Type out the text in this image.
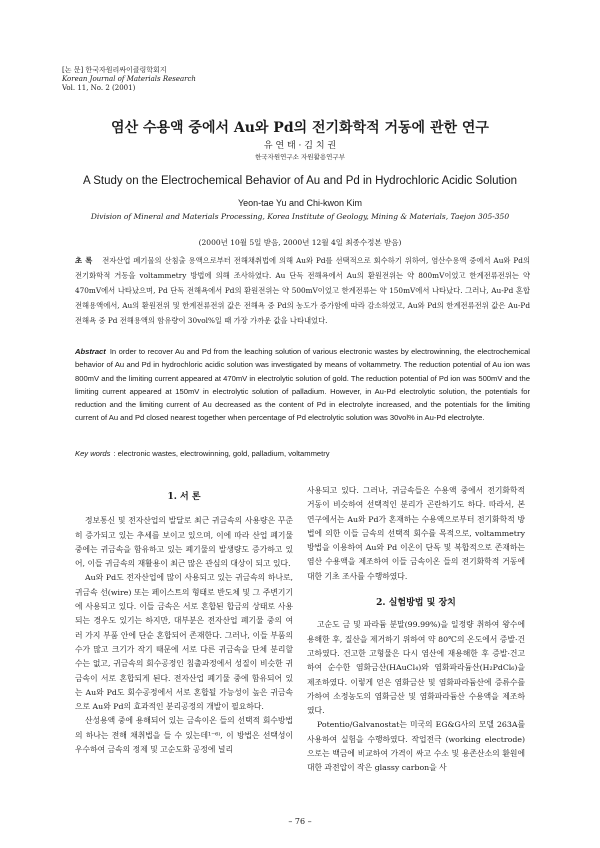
[논 문] 한국자원리싸이클링학회지
Korean Journal of Materials Research
Vol. 11, No. 2 (2001)
염산 수용액 중에서 Au와 Pd의 전기화학적 거동에 관한 연구
유 연 태 · 김 치 권
한국자원연구소 자원활용연구부
A Study on the Electrochemical Behavior of Au and Pd in Hydrochloric Acidic Solution
Yeon-tae Yu and Chi-kwon Kim
Division of Mineral and Materials Processing, Korea Institute of Geology, Mining & Materials, Taejon 305-350
(2000년 10월 5일 받음, 2000년 12월 4일 최종수정본 받음)
초 록 전자산업 폐기물의 산침출 용액으로부터 전해채취법에 의해 Au와 Pd를 선택적으로 회수하기 위하여, 염산수용액 중에서 Au와 Pd의 전기화학적 거동을 voltammetry 방법에 의해 조사하였다. Au 단독 전해욕에서 Au의 환원전위는 약 800mV이었고 한계전류전위는 약 470mV에서 나타났으며, Pd 단독 전해욕에서 Pd의 환원전위는 약 500mV이었고 한계전류는 약 150mV에서 나타났다. 그러나, Au-Pd 혼합 전해용액에서, Au의 환원전위 및 한계전류전위 값은 전해욕 중 Pd의 농도가 증가함에 따라 감소하였고, Au와 Pd의 한계전류전위 값은 Au-Pd 전해욕 중 Pd 전해용액의 함유량이 30vol%일 때 가장 가까운 값을 나타내었다.
Abstract In order to recover Au and Pd from the leaching solution of various electronic wastes by electrowinning, the electrochemical behavior of Au and Pd in hydrochloric acidic solution was investigated by means of voltammetry. The reduction potential of Au ion was 800mV and the limiting current appeared at 470mV in electrolytic solution of gold. The reduction potential of Pd ion was 500mV and the limiting current appeared at 150mV in electrolytic solution of palladium. However, in Au-Pd electrolytic solution, the potentials for reduction and the limiting current of Au decreased as the content of Pd in electrolyte increased, and the potentials for the limiting current of Au and Pd closed nearest together when percentage of Pd electrolytic solution was 30vol% in Au-Pd electrolyte.
Key words : electronic wastes, electrowinning, gold, palladium, voltammetry
1. 서 론

정보통신 및 전자산업의 발달로 최근 귀금속의 사용량은 꾸준히 증가되고 있는 추세를 보이고 있으며, 이에 따라 산업 폐기물 중에는 귀금속을 함유하고 있는 폐기물의 발생량도 증가하고 있어, 이들 귀금속의 재활용이 최근 많은 관심의 대상이 되고 있다.

Au와 Pd도 전자산업에 많이 사용되고 있는 귀금속의 하나로, 귀금속 선(wire) 또는 페이스트의 형태로 반도체 및 그 주변기기에 사용되고 있다. 이들 금속은 서로 혼합된 합금의 상태로 사용되는 경우도 있기는 하지만, 대부분은 전자산업 폐기물 중의 여러 가지 부품 안에 단순 혼합되어 존재한다. 그러나, 이들 부품의 수가 많고 크기가 작기 때문에 서로 다른 귀금속을 단체 분리할 수는 없고, 귀금속의 회수공정인 침출과정에서 성질이 비슷한 귀금속이 서로 혼합되게 된다. 전자산업 폐기물 중에 함유되어 있는 Au와 Pd도 회수공정에서 서로 혼합될 가능성이 높은 귀금속으로 Au와 Pd의 효과적인 분리공정의 개발이 필요하다.

산성용액 중에 용해되어 있는 금속이온 들의 선택적 회수방법의 하나는 전해 채취법을 들 수 있는데¹⁻⁶⁾, 이 방법은 선택성이 우수하여 금속의 정제 및 고순도화 공정에 널리

사용되고 있다. 그러나, 귀금속들은 수용액 중에서 전기화학적 거동이 비슷하여 선택적인 분리가 곤란하기도 하다. 따라서, 본 연구에서는 Au와 Pd가 혼재하는 수용액으로부터 전기화학적 방법에 의한 이들 금속의 선택적 회수를 목적으로, voltammetry 방법을 이용하여 Au와 Pd 이온이 단독 및 복합적으로 존재하는 염산 수용액을 제조하여 이들 금속이온 들의 전기화학적 거동에 대한 기초 조사를 수행하였다.

2. 실험방법 및 장치

고순도 금 및 파라듐 분말(99.99%)을 일정량 취하여 왕수에 용해한 후, 질산을 제거하기 위하여 약 80℃의 온도에서 증발·건고하였다. 건고한 고형물은 다시 염산에 재용해한 후 증발·건고하여 순수한 염화금산(HAuCl₄)와 염화파라듐산(H₂PdCl₆)을 제조하였다. 이렇게 얻은 염화금산 및 염화파라듐산에 증류수를 가하여 소정농도의 염화금산 및 염화파라듐산 수용액을 제조하였다.

Potentio/Galvanostat는 미국의 EG&G사의 모델 263A를 사용하여 실험을 수행하였다. 작업전극 (working electrode)으로는 백금에 비교하여 가격이 싸고 수소 및 용존산소의 환원에 대한 과전압이 작은 glassy carbon을 사

– 76 –
